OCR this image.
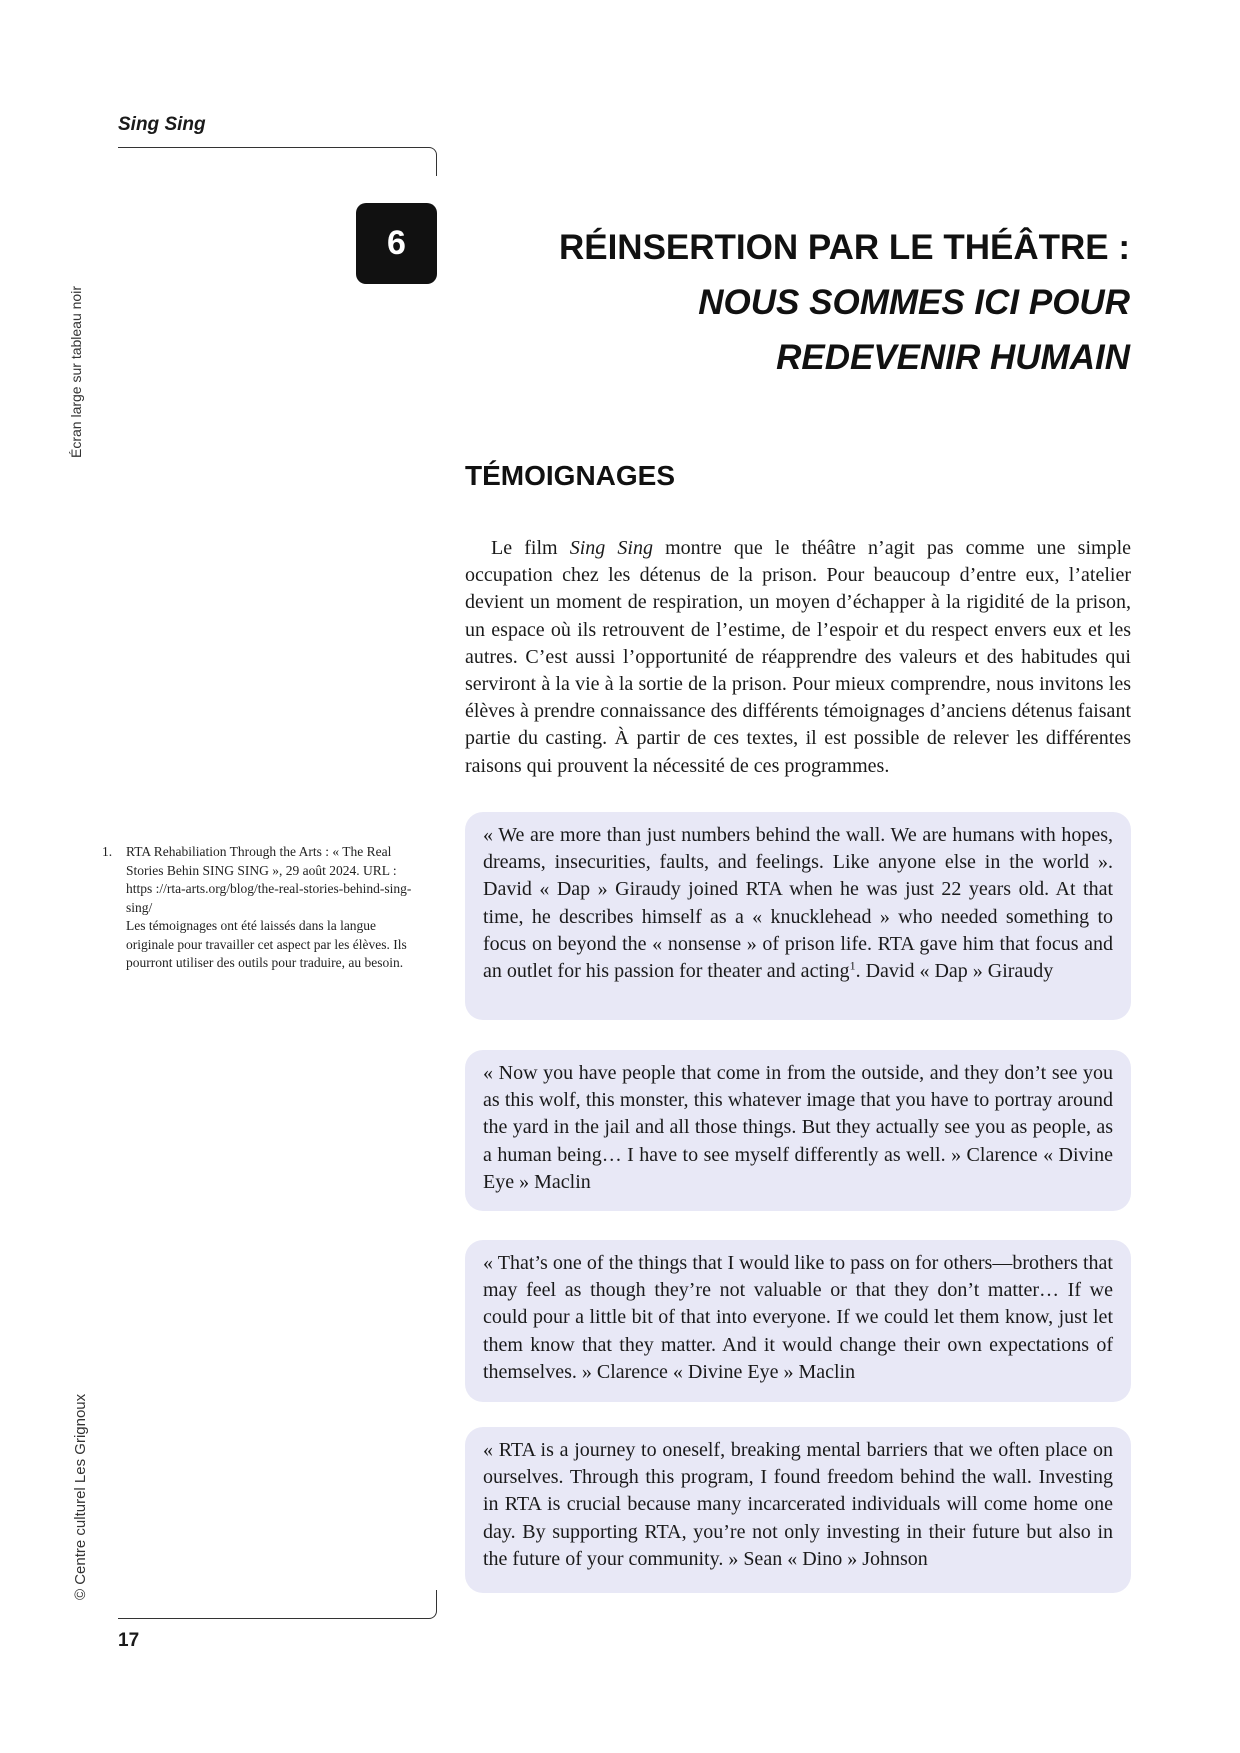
Sing Sing
Écran large sur tableau noir
© Centre culturel Les Grignoux
6	RÉINSERTION PAR LE THÉÂTRE :
NOUS SOMMES ICI POUR
REDEVENIR HUMAIN
TÉMOIGNAGES

Le film Sing Sing montre que le théâtre n’agit pas comme une simple occupation chez les détenus de la prison. Pour beaucoup d’entre eux, l’atelier devient un moment de respiration, un moyen d’échapper à la rigidité de la prison, un espace où ils retrouvent de l’estime, de l’espoir et du respect envers eux et les autres. C’est aussi l’opportunité de réapprendre des valeurs et des habitudes qui serviront à la vie à la sortie de la prison. Pour mieux comprendre, nous invitons les élèves à prendre connaissance des différents témoignages d’anciens détenus faisant partie du casting. À partir de ces textes, il est possible de relever les différentes raisons qui prouvent la nécessité de ces programmes.

1. RTA Rehabiliation Through the Arts : « The Real Stories Behin SING SING », 29 août 2024. URL : https ://rta-arts.org/blog/the-real-stories-behind-sing-sing/
Les témoignages ont été laissés dans la langue originale pour travailler cet aspect par les élèves. Ils pourront utiliser des outils pour traduire, au besoin.

« We are more than just numbers behind the wall. We are humans with hopes, dreams, insecurities, faults, and feelings. Like anyone else in the world ». David « Dap » Giraudy joined RTA when he was just 22 years old. At that time, he describes himself as a « knucklehead » who needed something to focus on beyond the « nonsense » of prison life. RTA gave him that focus and an outlet for his passion for theater and acting$^1$. David « Dap » Giraudy

« Now you have people that come in from the outside, and they don’t see you as this wolf, this monster, this whatever image that you have to portray around the yard in the jail and all those things. But they actually see you as people, as a human being… I have to see myself differently as well. » Clarence « Divine Eye » Maclin

« That’s one of the things that I would like to pass on for others—brothers that may feel as though they’re not valuable or that they don’t matter… If we could pour a little bit of that into everyone. If we could let them know, just let them know that they matter. And it would change their own expectations of themselves. » Clarence « Divine Eye » Maclin

« RTA is a journey to oneself, breaking mental barriers that we often place on ourselves. Through this program, I found freedom behind the wall. Investing in RTA is crucial because many incarcerated individuals will come home one day. By supporting RTA, you’re not only investing in their future but also in the future of your community. » Sean « Dino » Johnson

17
